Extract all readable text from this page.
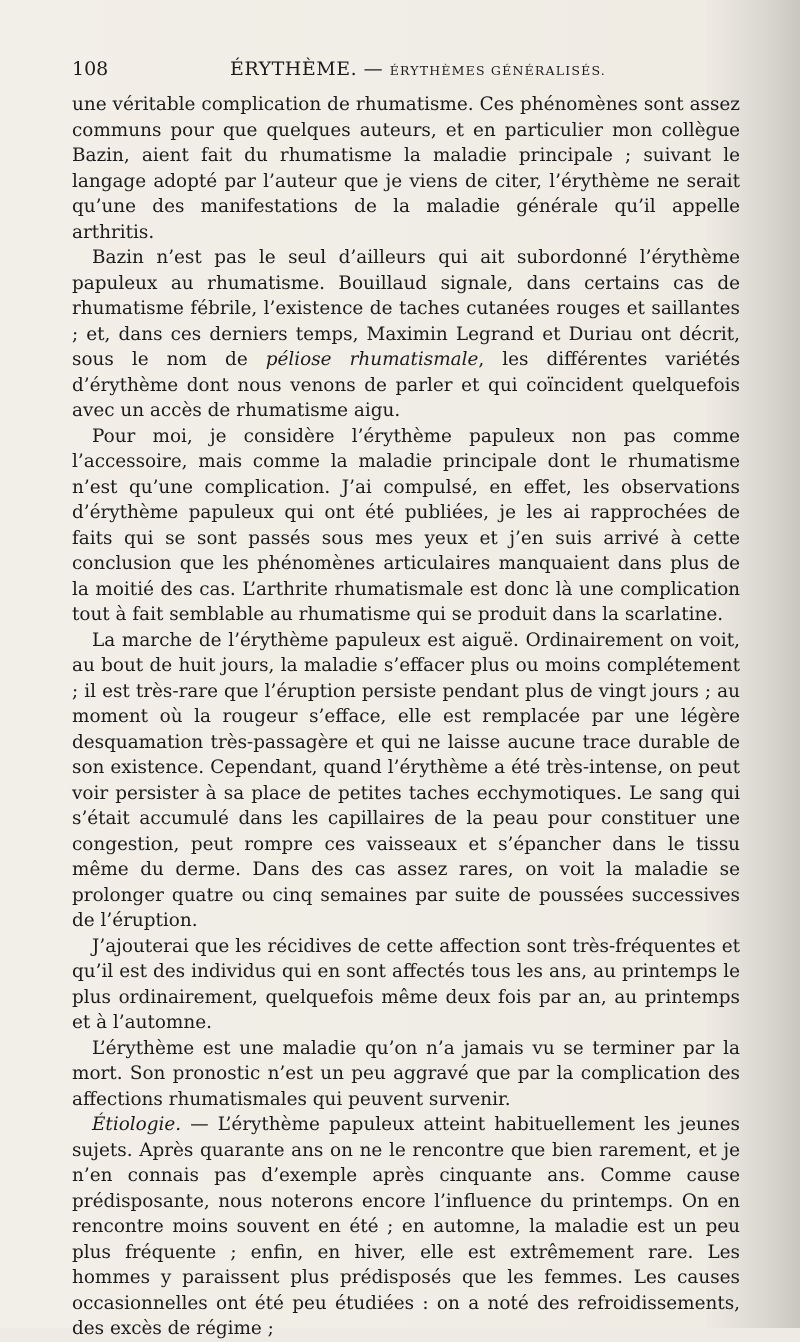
108	ÉRYTHÈME. — ÉRYTHÈMES GÉNÉRALISÉS.

une véritable complication de rhumatisme. Ces phénomènes sont assez communs pour que quelques auteurs, et en particulier mon collègue Bazin, aient fait du rhumatisme la maladie principale ; suivant le langage adopté par l’auteur que je viens de citer, l’érythème ne serait qu’une des manifestations de la maladie générale qu’il appelle arthritis.

Bazin n’est pas le seul d’ailleurs qui ait subordonné l’érythème papuleux au rhumatisme. Bouillaud signale, dans certains cas de rhumatisme fébrile, l’existence de taches cutanées rouges et saillantes ; et, dans ces derniers temps, Maximin Legrand et Duriau ont décrit, sous le nom de péliose rhumatismale, les différentes variétés d’érythème dont nous venons de parler et qui coïncident quelquefois avec un accès de rhumatisme aigu.

Pour moi, je considère l’érythème papuleux non pas comme l’accessoire, mais comme la maladie principale dont le rhumatisme n’est qu’une complication. J’ai compulsé, en effet, les observations d’érythème papuleux qui ont été publiées, je les ai rapprochées de faits qui se sont passés sous mes yeux et j’en suis arrivé à cette conclusion que les phénomènes articulaires manquaient dans plus de la moitié des cas. L’arthrite rhumatismale est donc là une complication tout à fait semblable au rhumatisme qui se produit dans la scarlatine.

La marche de l’érythème papuleux est aiguë. Ordinairement on voit, au bout de huit jours, la maladie s’effacer plus ou moins complétement ; il est très-rare que l’éruption persiste pendant plus de vingt jours ; au moment où la rougeur s’efface, elle est remplacée par une légère desquamation très-passagère et qui ne laisse aucune trace durable de son existence. Cependant, quand l’érythème a été très-intense, on peut voir persister à sa place de petites taches ecchymotiques. Le sang qui s’était accumulé dans les capillaires de la peau pour constituer une congestion, peut rompre ces vaisseaux et s’épancher dans le tissu même du derme. Dans des cas assez rares, on voit la maladie se prolonger quatre ou cinq semaines par suite de poussées successives de l’éruption.

J’ajouterai que les récidives de cette affection sont très-fréquentes et qu’il est des individus qui en sont affectés tous les ans, au printemps le plus ordinairement, quelquefois même deux fois par an, au printemps et à l’automne.

L’érythème est une maladie qu’on n’a jamais vu se terminer par la mort. Son pronostic n’est un peu aggravé que par la complication des affections rhumatismales qui peuvent survenir.

Étiologie. — L’érythème papuleux atteint habituellement les jeunes sujets. Après quarante ans on ne le rencontre que bien rarement, et je n’en connais pas d’exemple après cinquante ans. Comme cause prédisposante, nous noterons encore l’influence du printemps. On en rencontre moins souvent en été ; en automne, la maladie est un peu plus fréquente ; enfin, en hiver, elle est extrêmement rare. Les hommes y paraissent plus prédisposés que les femmes. Les causes occasionnelles ont été peu étudiées : on a noté des refroidissements, des excès de régime ;
